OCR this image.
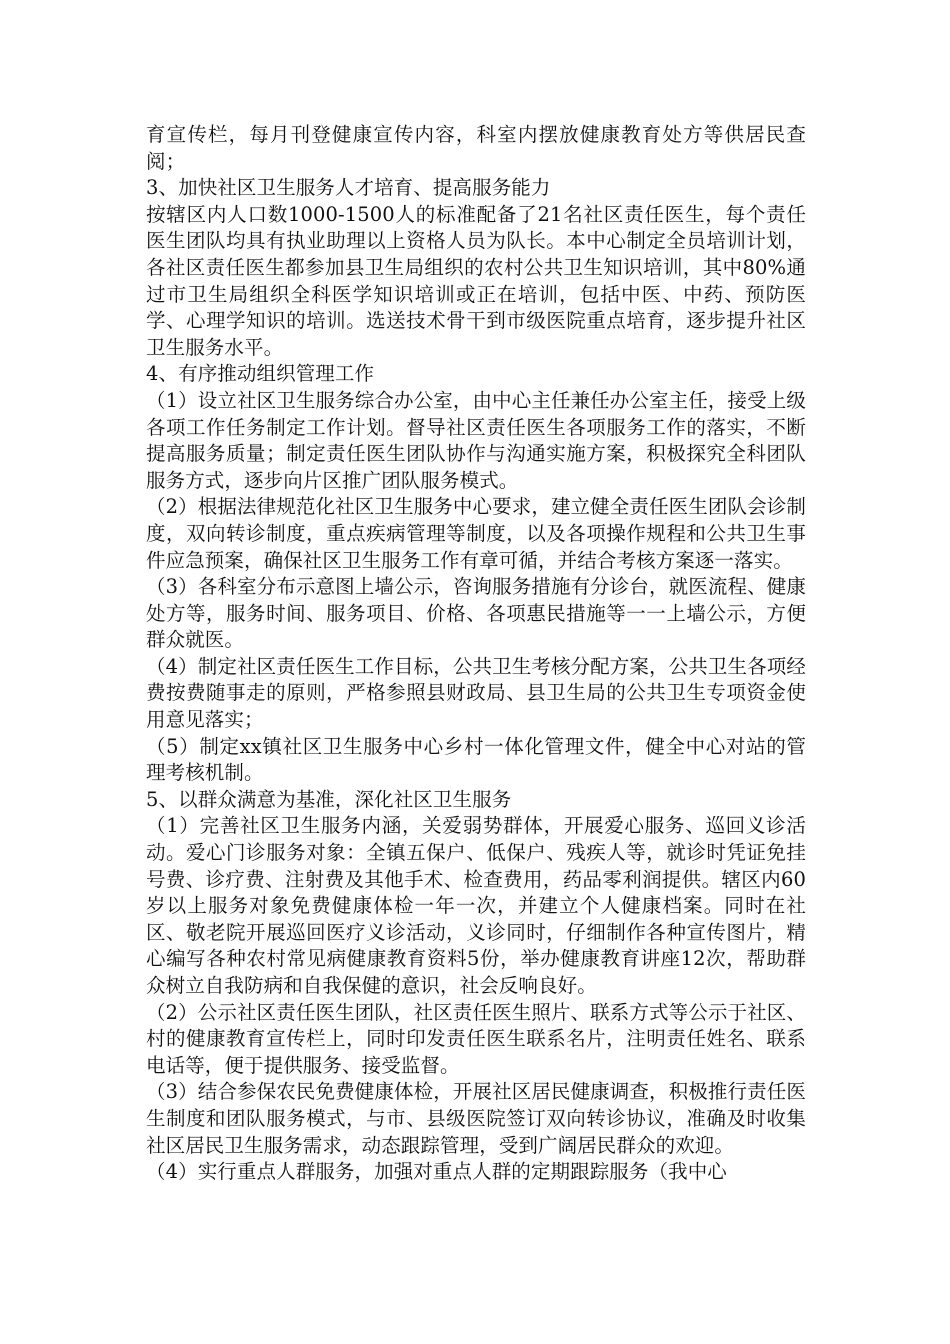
育宣传栏，每月刊登健康宣传内容，科室内摆放健康教育处方等供居民查阅；

3、加快社区卫生服务人才培育、提高服务能力

按辖区内人口数1000-1500人的标准配备了21名社区责任医生，每个责任医生团队均具有执业助理以上资格人员为队长。本中心制定全员培训计划，各社区责任医生都参加县卫生局组织的农村公共卫生知识培训，其中80%通过市卫生局组织全科医学知识培训或正在培训，包括中医、中药、预防医学、心理学知识的培训。选送技术骨干到市级医院重点培育，逐步提升社区卫生服务水平。

4、有序推动组织管理工作

（1）设立社区卫生服务综合办公室，由中心主任兼任办公室主任，接受上级各项工作任务制定工作计划。督导社区责任医生各项服务工作的落实，不断提高服务质量；制定责任医生团队协作与沟通实施方案，积极探究全科团队服务方式，逐步向片区推广团队服务模式。

（2）根据法律规范化社区卫生服务中心要求，建立健全责任医生团队会诊制度，双向转诊制度，重点疾病管理等制度，以及各项操作规程和公共卫生事件应急预案，确保社区卫生服务工作有章可循，并结合考核方案逐一落实。

（3）各科室分布示意图上墙公示，咨询服务措施有分诊台，就医流程、健康处方等，服务时间、服务项目、价格、各项惠民措施等一一上墙公示，方便群众就医。

（4）制定社区责任医生工作目标，公共卫生考核分配方案，公共卫生各项经费按费随事走的原则，严格参照县财政局、县卫生局的公共卫生专项资金使用意见落实；

（5）制定xx镇社区卫生服务中心乡村一体化管理文件，健全中心对站的管理考核机制。

5、以群众满意为基准，深化社区卫生服务

（1）完善社区卫生服务内涵，关爱弱势群体，开展爱心服务、巡回义诊活动。爱心门诊服务对象：全镇五保户、低保户、残疾人等，就诊时凭证免挂号费、诊疗费、注射费及其他手术、检查费用，药品零利润提供。辖区内60岁以上服务对象免费健康体检一年一次，并建立个人健康档案。同时在社区、敬老院开展巡回医疗义诊活动，义诊同时，仔细制作各种宣传图片，精心编写各种农村常见病健康教育资料5份，举办健康教育讲座12次，帮助群众树立自我防病和自我保健的意识，社会反响良好。

（2）公示社区责任医生团队，社区责任医生照片、联系方式等公示于社区、村的健康教育宣传栏上，同时印发责任医生联系名片，注明责任姓名、联系电话等，便于提供服务、接受监督。

（3）结合参保农民免费健康体检，开展社区居民健康调查，积极推行责任医生制度和团队服务模式，与市、县级医院签订双向转诊协议，准确及时收集社区居民卫生服务需求，动态跟踪管理，受到广阔居民群众的欢迎。

（4）实行重点人群服务，加强对重点人群的定期跟踪服务（我中心
